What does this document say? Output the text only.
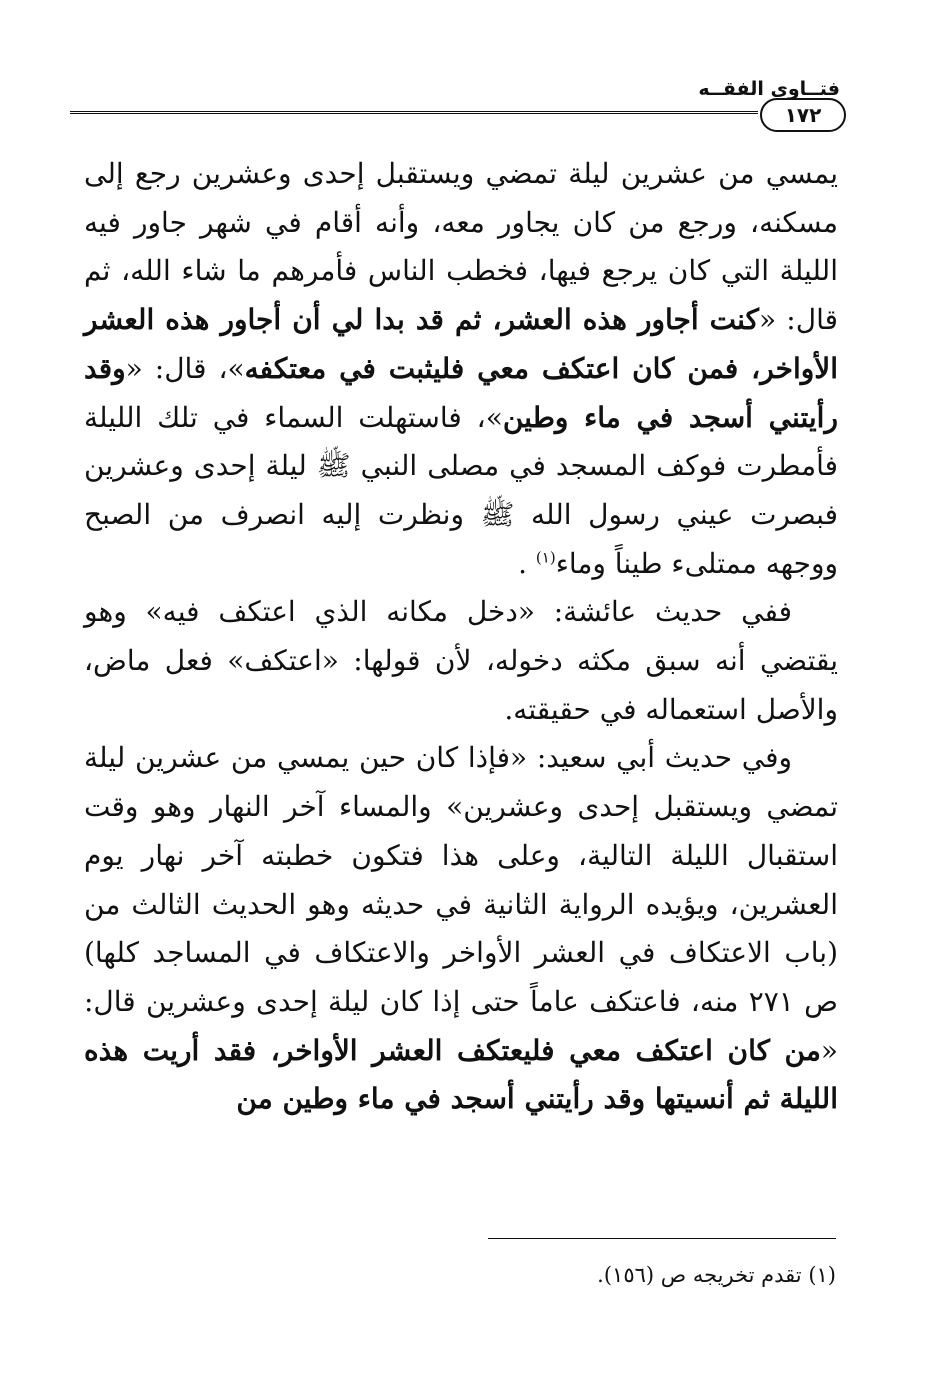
فتــاوى الفقــه
١٧٢

يمسي من عشرين ليلة تمضي ويستقبل إحدى وعشرين رجع إلى مسكنه، ورجع من كان يجاور معه، وأنه أقام في شهر جاور فيه الليلة التي كان يرجع فيها، فخطب الناس فأمرهم ما شاء الله، ثم قال: «كنت أجاور هذه العشر، ثم قد بدا لي أن أجاور هذه العشر الأواخر، فمن كان اعتكف معي فليثبت في معتكفه»، قال: «وقد رأيتني أسجد في ماء وطين»، فاستهلت السماء في تلك الليلة فأمطرت فوكف المسجد في مصلى النبي ﷺ ليلة إحدى وعشرين فبصرت عيني رسول الله ﷺ ونظرت إليه انصرف من الصبح ووجهه ممتلىء طيناً وماء$^{(١)}$ .

ففي حديث عائشة: «دخل مكانه الذي اعتكف فيه» وهو يقتضي أنه سبق مكثه دخوله، لأن قولها: «اعتكف» فعل ماض، والأصل استعماله في حقيقته.

وفي حديث أبي سعيد: «فإذا كان حين يمسي من عشرين ليلة تمضي ويستقبل إحدى وعشرين» والمساء آخر النهار وهو وقت استقبال الليلة التالية، وعلى هذا فتكون خطبته آخر نهار يوم العشرين، ويؤيده الرواية الثانية في حديثه وهو الحديث الثالث من (باب الاعتكاف في العشر الأواخر والاعتكاف في المساجد كلها) ص ٢٧١ منه، فاعتكف عاماً حتى إذا كان ليلة إحدى وعشرين قال: «من كان اعتكف معي فليعتكف العشر الأواخر، فقد أريت هذه الليلة ثم أنسيتها وقد رأيتني أسجد في ماء وطين من

(١) تقدم تخريجه ص (١٥٦).
